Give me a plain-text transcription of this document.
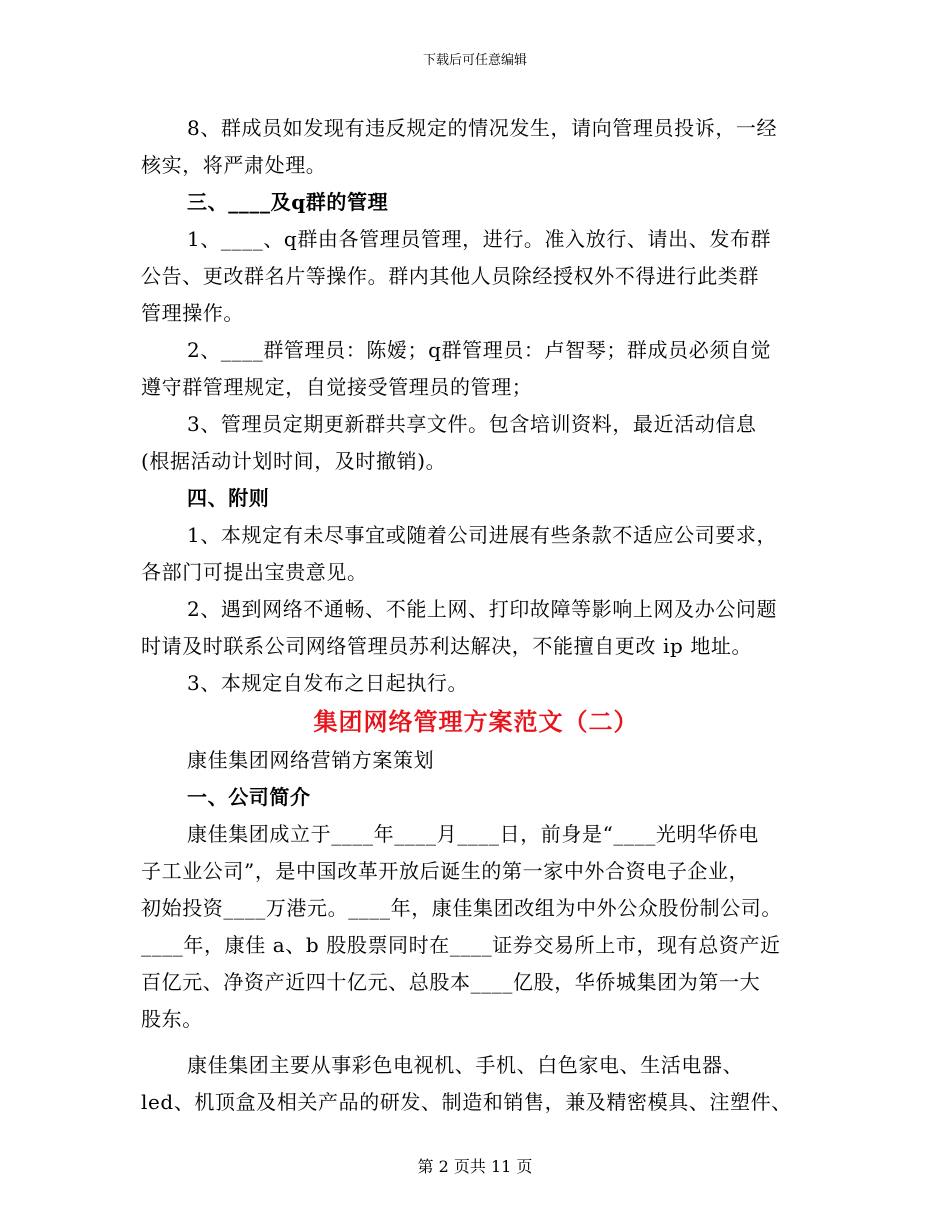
下载后可任意编辑

8、群成员如发现有违反规定的情况发生，请向管理员投诉，一经

核实，将严肃处理。

三、____及q群的管理

1、____、q群由各管理员管理，进行。准入放行、请出、发布群

公告、更改群名片等操作。群内其他人员除经授权外不得进行此类群

管理操作。

2、____群管理员：陈嫒；q群管理员：卢智琴；群成员必须自觉

遵守群管理规定，自觉接受管理员的管理；

3、管理员定期更新群共享文件。包含培训资料，最近活动信息

(根据活动计划时间，及时撤销)。

四、附则

1、本规定有未尽事宜或随着公司进展有些条款不适应公司要求，

各部门可提出宝贵意见。

2、遇到网络不通畅、不能上网、打印故障等影响上网及办公问题

时请及时联系公司网络管理员苏利达解决，不能擅自更改 ip 地址。

3、本规定自发布之日起执行。

集团网络管理方案范文（二）

康佳集团网络营销方案策划

一、公司简介

康佳集团成立于____年____月____日，前身是“____光明华侨电

子工业公司”，是中国改革开放后诞生的第一家中外合资电子企业，

初始投资____万港元。____年，康佳集团改组为中外公众股份制公司。

____年，康佳 a、b 股股票同时在____证券交易所上市，现有总资产近

百亿元、净资产近四十亿元、总股本____亿股，华侨城集团为第一大

股东。

康佳集团主要从事彩色电视机、手机、白色家电、生活电器、

led、机顶盒及相关产品的研发、制造和销售，兼及精密模具、注塑件、

第 2 页共 11 页
